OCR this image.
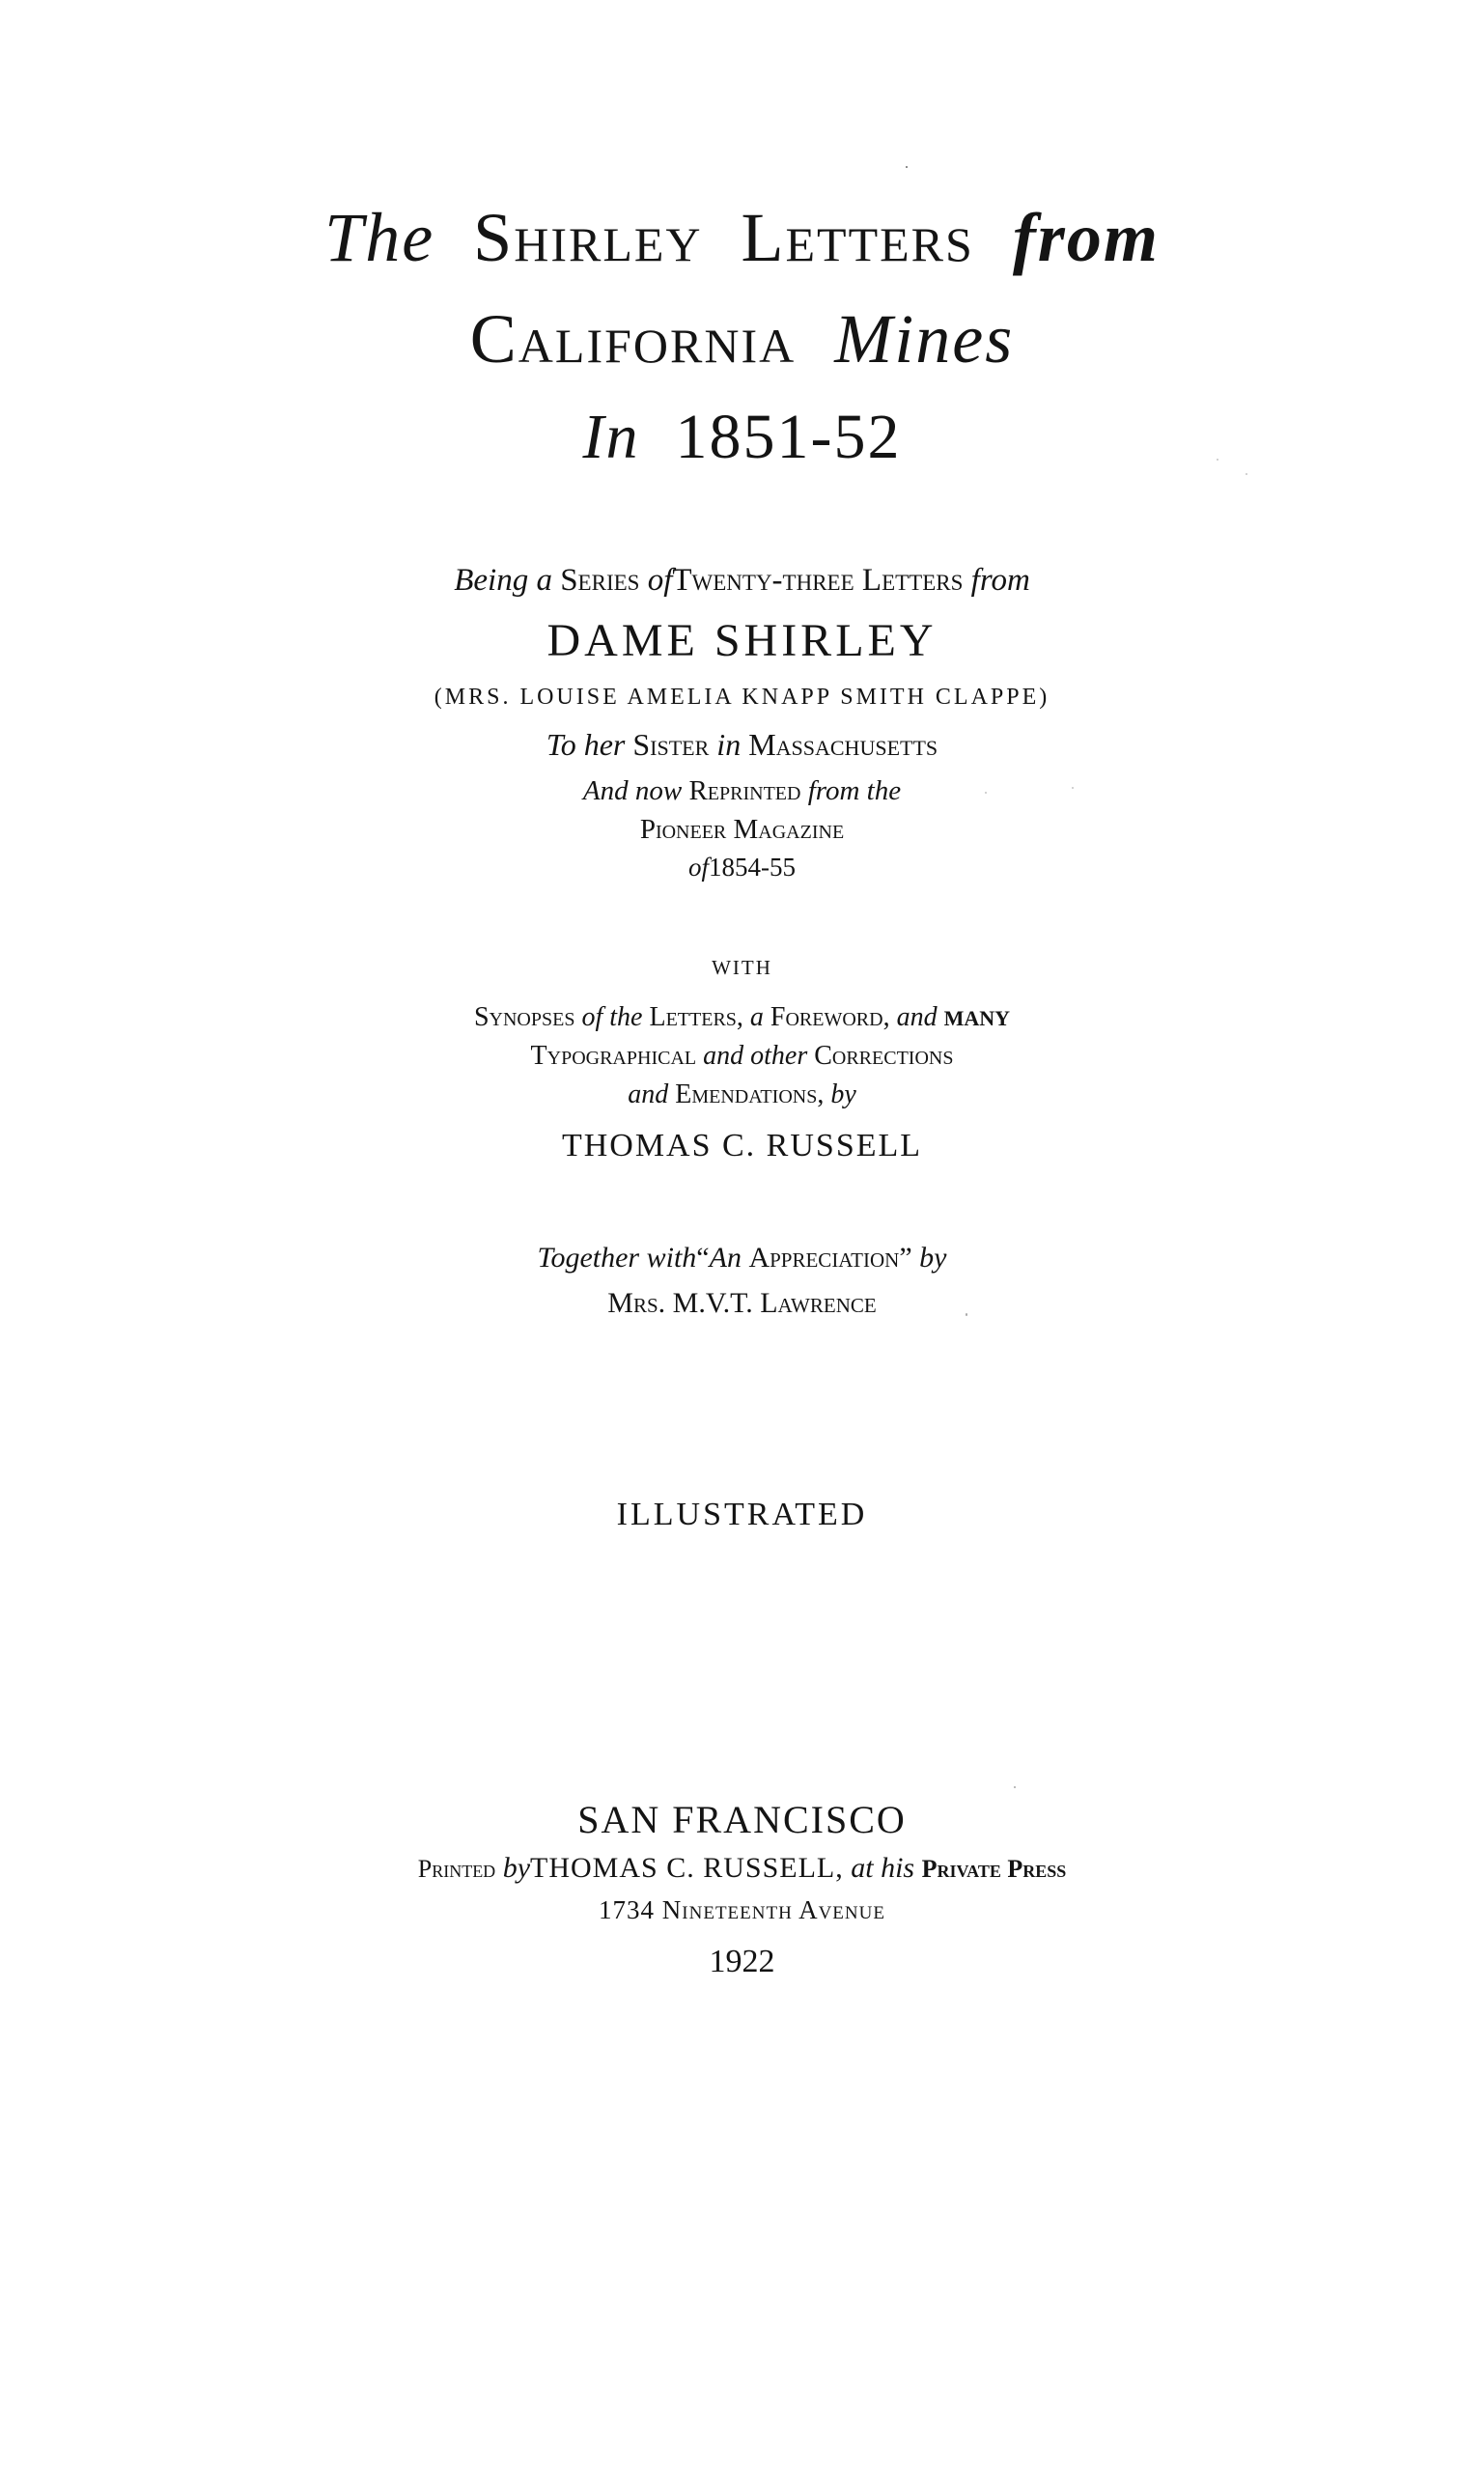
The Shirley Letters from
California Mines
In 1851-52
Being a Series ofTwenty-three Letters from
DAME SHIRLEY
(MRS. LOUISE AMELIA KNAPP SMITH CLAPPE)
To her Sister in Massachusetts
And now Reprinted from the
Pioneer Magazine
of1854-55
WITH
Synopses of the Letters, a Foreword, and MANY
Typographical and other Corrections
and Emendations, by
THOMAS C. RUSSELL
Together with“An Appreciation” by
Mrs. M.V.T. Lawrence
ILLUSTRATED
SAN FRANCISCO
Printed byTHOMAS C. RUSSELL, at his Private Press
1734 Nineteenth Avenue
1922
